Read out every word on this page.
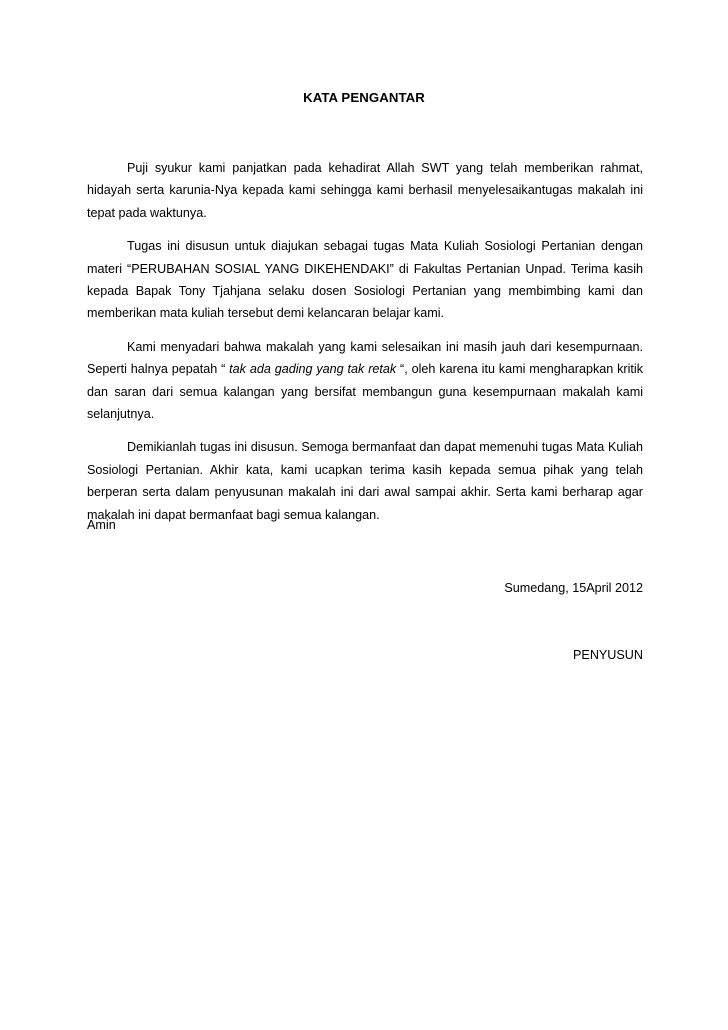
KATA PENGANTAR

Puji syukur kami panjatkan pada kehadirat Allah SWT yang telah memberikan rahmat, hidayah serta karunia-Nya kepada kami sehingga kami berhasil menyelesaikantugas makalah ini tepat pada waktunya.

Tugas ini disusun untuk diajukan sebagai tugas Mata Kuliah Sosiologi Pertanian dengan materi “PERUBAHAN SOSIAL YANG DIKEHENDAKI” di Fakultas Pertanian Unpad. Terima kasih kepada Bapak Tony Tjahjana selaku dosen Sosiologi Pertanian yang membimbing kami dan memberikan mata kuliah tersebut demi kelancaran belajar kami.

Kami menyadari bahwa makalah yang kami selesaikan ini masih jauh dari kesempurnaan. Seperti halnya pepatah “ tak ada gading yang tak retak “, oleh karena itu kami mengharapkan kritik dan saran dari semua kalangan yang bersifat membangun guna kesempurnaan makalah kami selanjutnya.

Demikianlah tugas ini disusun. Semoga bermanfaat dan dapat memenuhi tugas Mata Kuliah Sosiologi Pertanian. Akhir kata, kami ucapkan terima kasih kepada semua pihak yang telah berperan serta dalam penyusunan makalah ini dari awal sampai akhir. Serta kami berharap agar makalah ini dapat bermanfaat bagi semua kalangan.

Amin
Sumedang, 15April 2012
PENYUSUN
